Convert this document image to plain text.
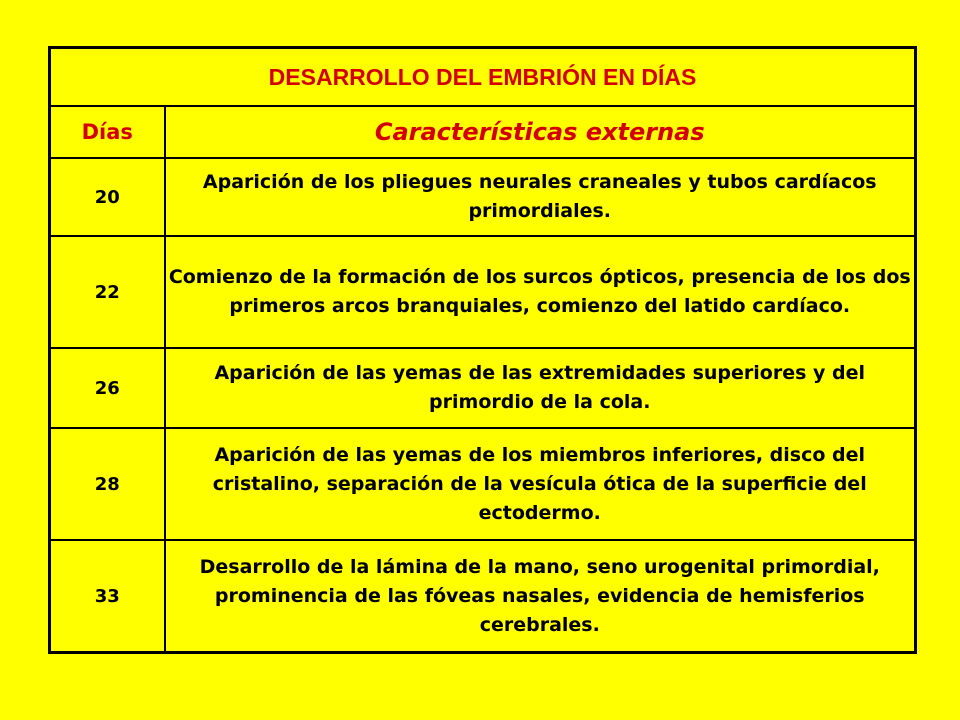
DESARROLLO DEL EMBRIÓN EN DÍAS	
Días	Características externas
20	Aparición de los pliegues neurales craneales y tubos cardíacos primordiales.
22	Comienzo de la formación de los surcos ópticos, presencia de los dos primeros arcos branquiales, comienzo del latido cardíaco.
26	Aparición de las yemas de las extremidades superiores y del primordio de la cola.
28	Aparición de las yemas de los miembros inferiores, disco del cristalino, separación de la vesícula ótica de la superficie del ectodermo.
33	Desarrollo de la lámina de la mano, seno urogenital primordial, prominencia de las fóveas nasales, evidencia de hemisferios cerebrales.
